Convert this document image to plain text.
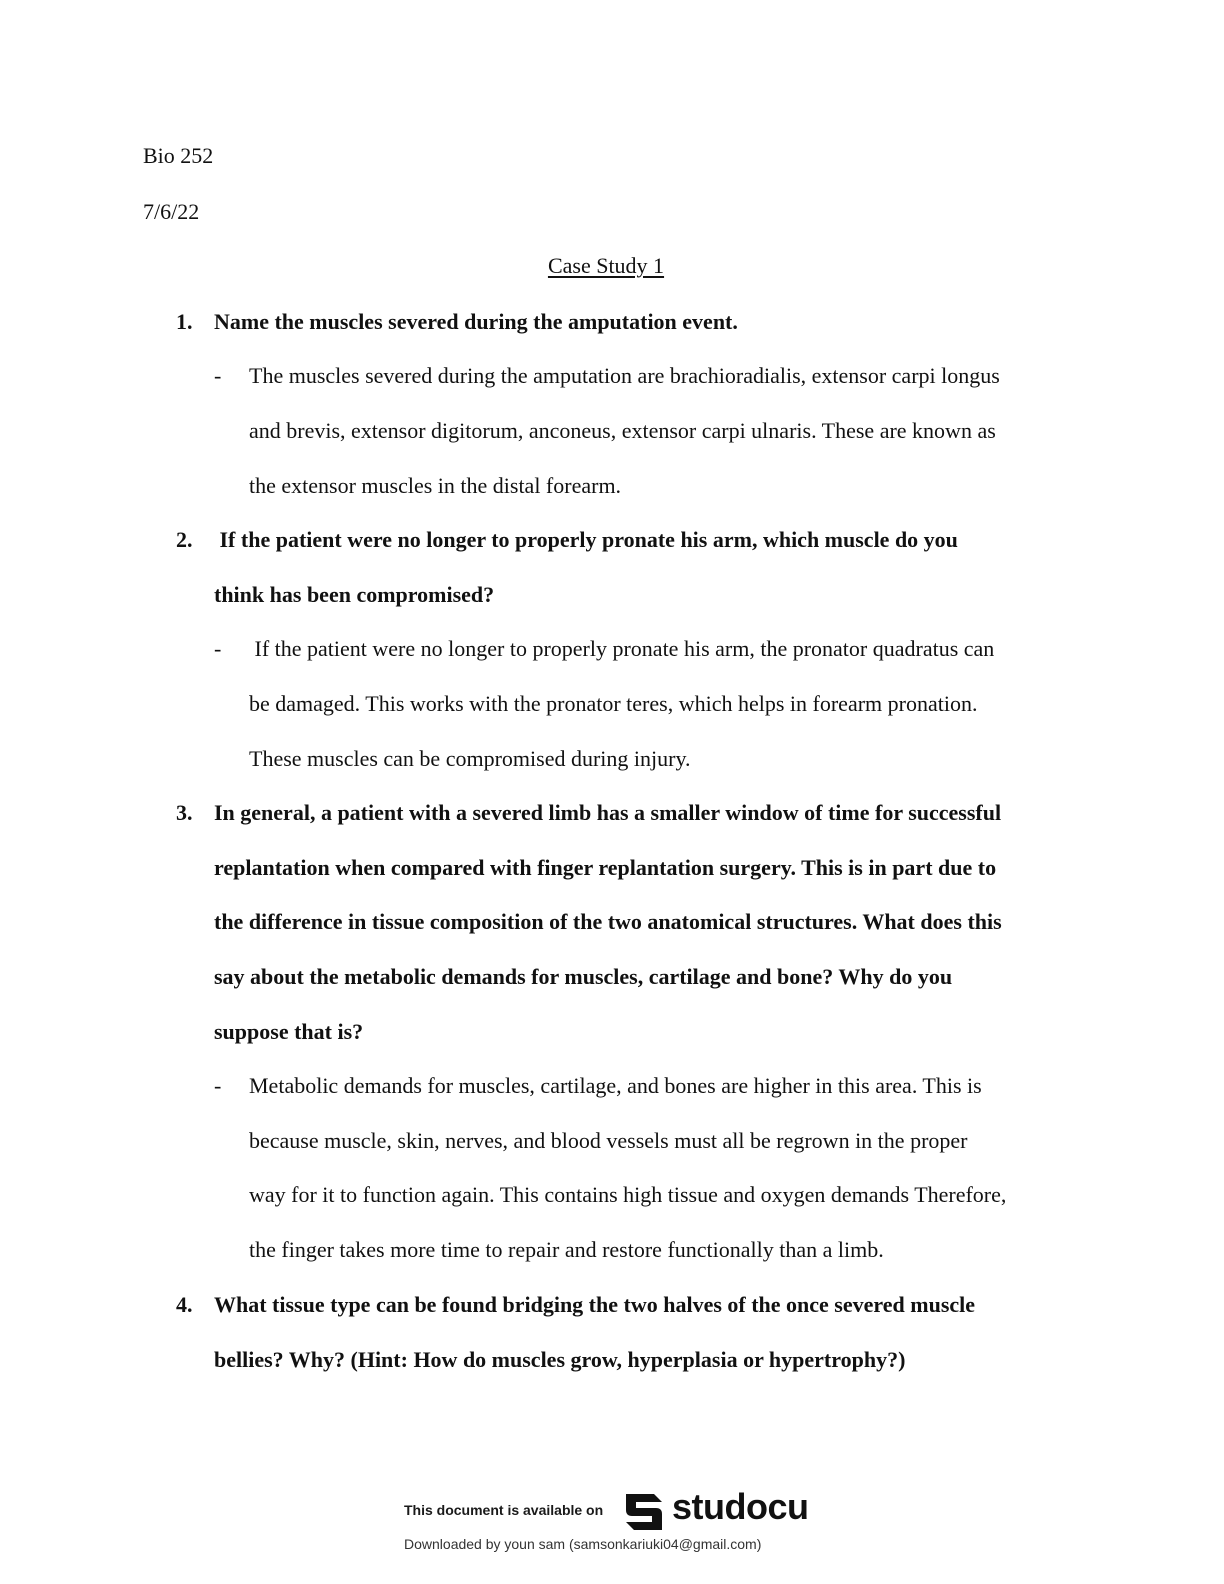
Bio 252
7/6/22
Case Study 1
1. Name the muscles severed during the amputation event.
- The muscles severed during the amputation are brachioradialis, extensor carpi longus
and brevis, extensor digitorum, anconeus, extensor carpi ulnaris. These are known as
the extensor muscles in the distal forearm.
2. If the patient were no longer to properly pronate his arm, which muscle do you
think has been compromised?
- If the patient were no longer to properly pronate his arm, the pronator quadratus can
be damaged. This works with the pronator teres, which helps in forearm pronation.
These muscles can be compromised during injury.
3. In general, a patient with a severed limb has a smaller window of time for successful
replantation when compared with finger replantation surgery. This is in part due to
the difference in tissue composition of the two anatomical structures. What does this
say about the metabolic demands for muscles, cartilage and bone? Why do you
suppose that is?
- Metabolic demands for muscles, cartilage, and bones are higher in this area. This is
because muscle, skin, nerves, and blood vessels must all be regrown in the proper
way for it to function again. This contains high tissue and oxygen demands Therefore,
the finger takes more time to repair and restore functionally than a limb.
4. What tissue type can be found bridging the two halves of the once severed muscle
bellies? Why? (Hint: How do muscles grow, hyperplasia or hypertrophy?)
This document is available on studocu
Downloaded by youn sam (samsonkariuki04@gmail.com)
